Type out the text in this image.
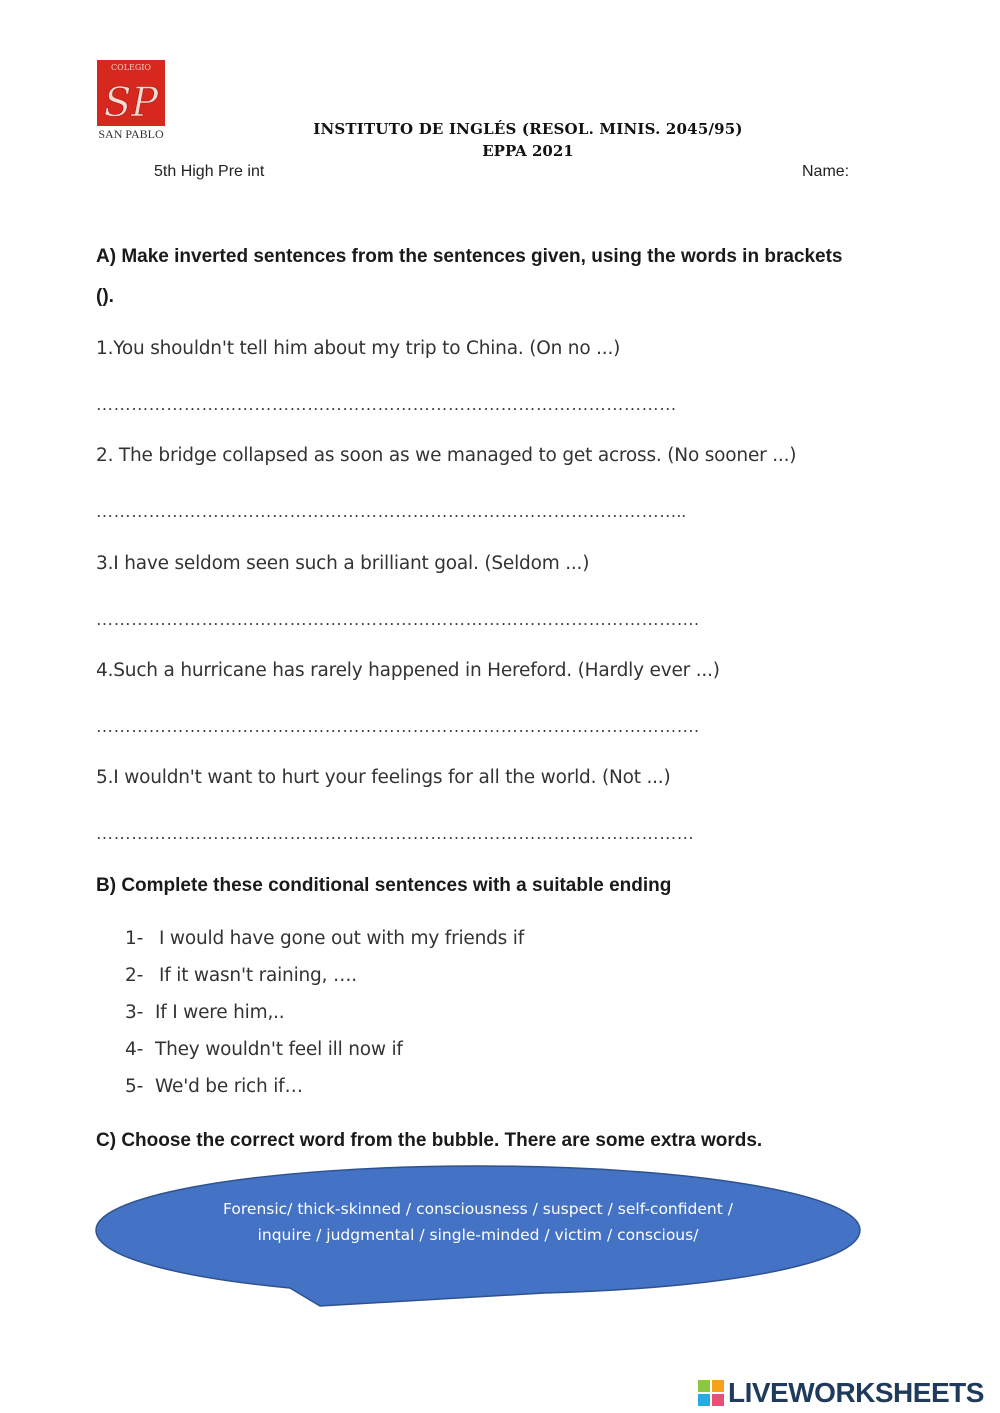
COLEGIO
SP
SAN PABLO	INSTITUTO DE INGLÉS (RESOL. MINIS. 2045/95)
EPPA 2021
5th High Pre int	Name:
A) Make inverted sentences from the sentences given, using the words in brackets
().
1.You shouldn't tell him about my trip to China. (On no ...)
………………………………………………………………………………………
2. The bridge collapsed as soon as we managed to get across. (No sooner ...)
………………………………………………………………………………………..
3.I have seldom seen such a brilliant goal. (Seldom ...)
………………………………………………………………………………………….
4.Such a hurricane has rarely happened in Hereford. (Hardly ever ...)
………………………………………………………………………………………….
5.I wouldn't want to hurt your feelings for all the world. (Not ...)
…………………………………………………………………………………………
B) Complete these conditional sentences with a suitable ending
1-I would have gone out with my friends if
2-If it wasn't raining, ….
3- If I were him,..
4- They wouldn't feel ill now if
5- We'd be rich if…
C) Choose the correct word from the bubble. There are some extra words.
Forensic/ thick-skinned / consciousness / suspect / self-confident /
inquire / judgmental / single-minded / victim / conscious/
LIVEWORKSHEETS
